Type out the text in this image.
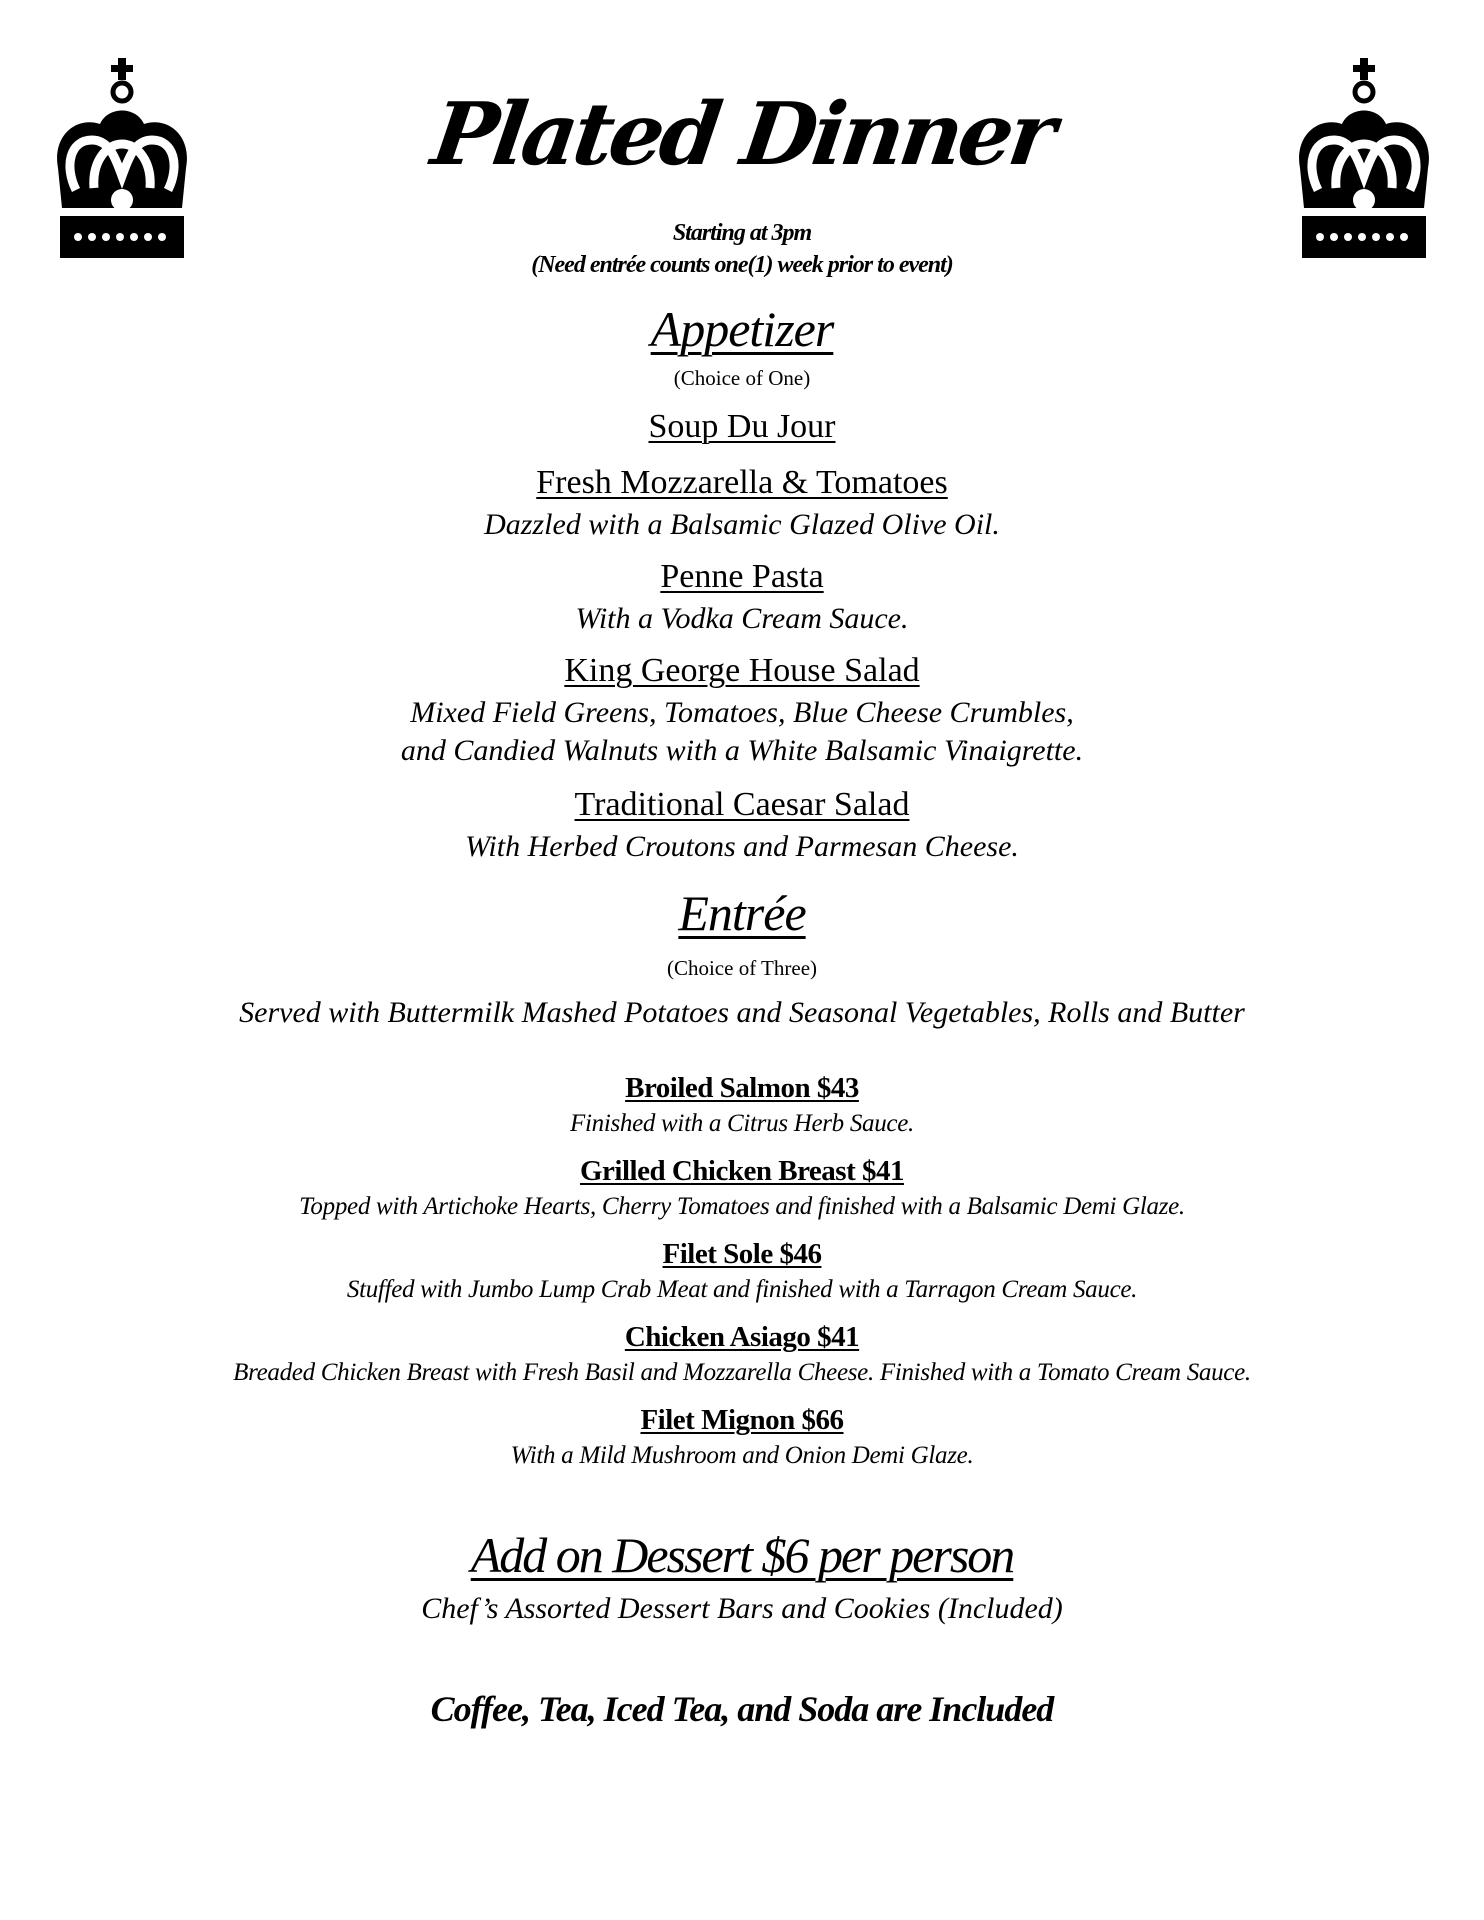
Plated Dinner
Starting at 3pm
(Need entrée counts one(1) week prior to event)
Appetizer
(Choice of One)
Soup Du Jour
Fresh Mozzarella & Tomatoes
Dazzled with a Balsamic Glazed Olive Oil.
Penne Pasta
With a Vodka Cream Sauce.
King George House Salad
Mixed Field Greens, Tomatoes, Blue Cheese Crumbles,
and Candied Walnuts with a White Balsamic Vinaigrette.
Traditional Caesar Salad
With Herbed Croutons and Parmesan Cheese.
Entrée
(Choice of Three)
Served with Buttermilk Mashed Potatoes and Seasonal Vegetables, Rolls and Butter
Broiled Salmon $43
Finished with a Citrus Herb Sauce.
Grilled Chicken Breast $41
Topped with Artichoke Hearts, Cherry Tomatoes and finished with a Balsamic Demi Glaze.
Filet Sole $46
Stuffed with Jumbo Lump Crab Meat and finished with a Tarragon Cream Sauce.
Chicken Asiago $41
Breaded Chicken Breast with Fresh Basil and Mozzarella Cheese. Finished with a Tomato Cream Sauce.
Filet Mignon $66
With a Mild Mushroom and Onion Demi Glaze.
Add on Dessert $6 per person
Chef’s Assorted Dessert Bars and Cookies (Included)
Coffee, Tea, Iced Tea, and Soda are Included
